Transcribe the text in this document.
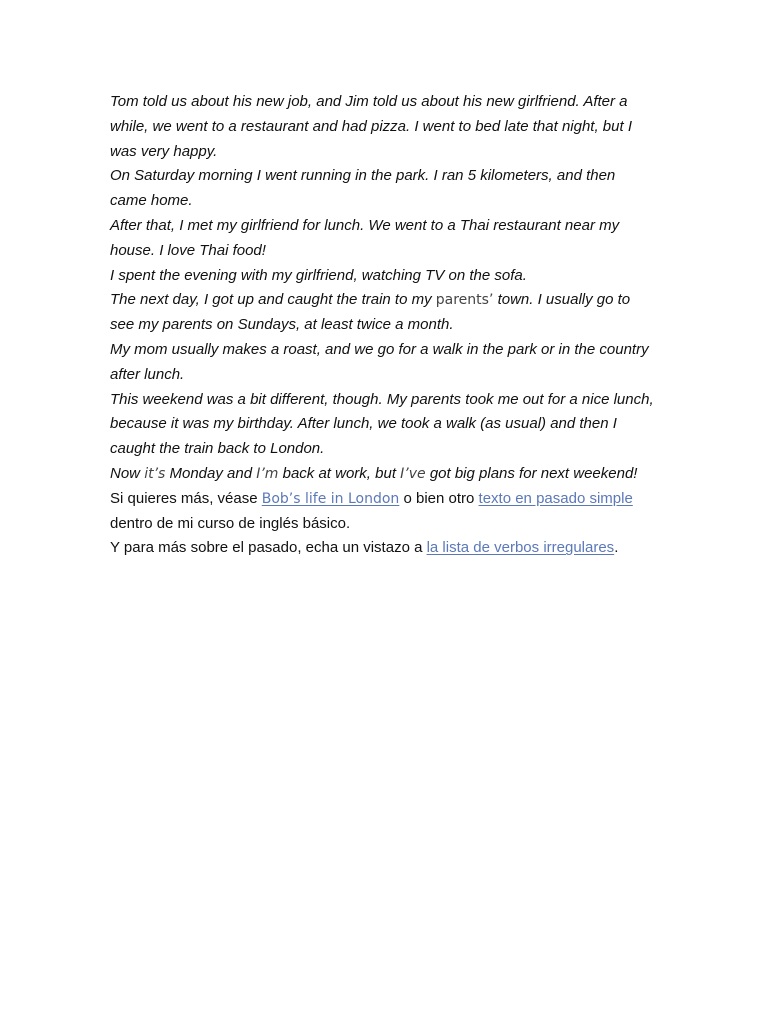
Tom told us about his new job, and Jim told us about his new girlfriend. After a while, we went to a restaurant and had pizza. I went to bed late that night, but I was very happy.

On Saturday morning I went running in the park. I ran 5 kilometers, and then came home.

After that, I met my girlfriend for lunch. We went to a Thai restaurant near my house. I love Thai food!

I spent the evening with my girlfriend, watching TV on the sofa.

The next day, I got up and caught the train to my parents’ town. I usually go to see my parents on Sundays, at least twice a month.

My mom usually makes a roast, and we go for a walk in the park or in the country after lunch.

This weekend was a bit different, though. My parents took me out for a nice lunch, because it was my birthday. After lunch, we took a walk (as usual) and then I caught the train back to London.

Now it’s Monday and I’m back at work, but I’ve got big plans for next weekend!

Si quieres más, véase Bob’s life in London o bien otro texto en pasado simple dentro de mi curso de inglés básico.

Y para más sobre el pasado, echa un vistazo a la lista de verbos irregulares.
